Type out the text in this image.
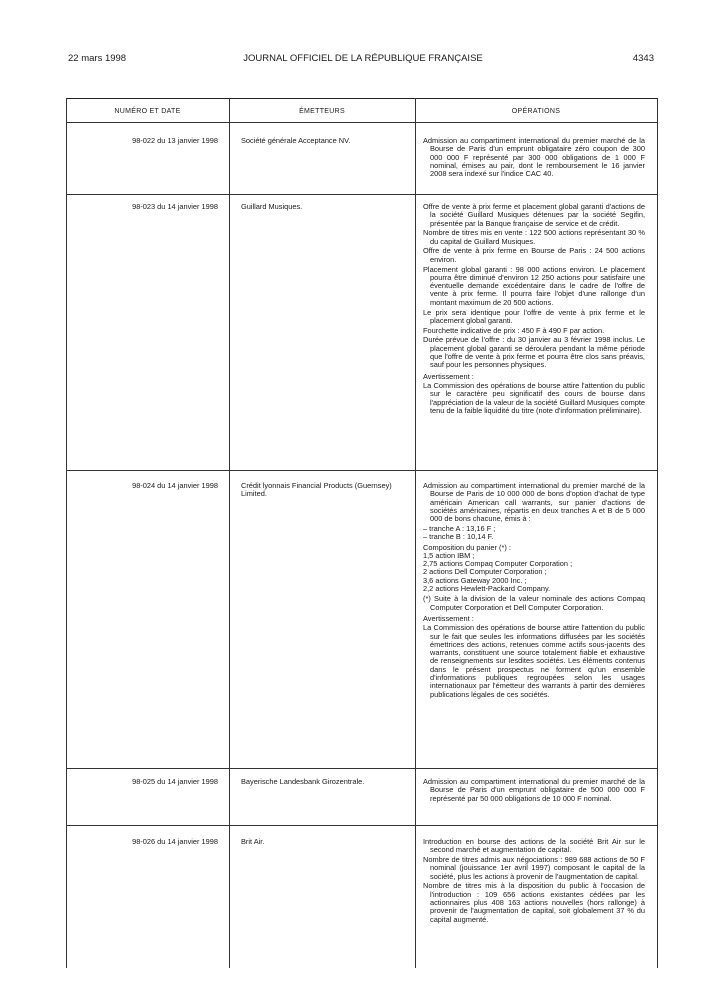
22 mars 1998	JOURNAL OFFICIEL DE LA RÉPUBLIQUE FRANÇAISE	4343
NUMÉRO ET DATE	ÉMETTEURS	OPÉRATIONS
98-022 du 13 janvier 1998	Société générale Acceptance NV.	Admission au compartiment international du premier marché de la Bourse de Paris d'un emprunt obligataire zéro coupon de 300 000 000 F représenté par 300 000 obligations de 1 000 F nominal, émises au pair, dont le remboursement le 16 janvier 2008 sera indexé sur l'indice CAC 40.

98-023 du 14 janvier 1998	Guillard Musiques.	Offre de vente à prix ferme et placement global garanti d'actions de la société Guillard Musiques détenues par la société Segifin, présentée par la Banque française de service et de crédit.

Nombre de titres mis en vente : 122 500 actions représentant 30 % du capital de Guillard Musiques.

Offre de vente à prix ferme en Bourse de Paris : 24 500 actions environ.

Placement global garanti : 98 000 actions environ. Le placement pourra être diminué d'environ 12 250 actions pour satisfaire une éventuelle demande excédentaire dans le cadre de l'offre de vente à prix ferme. Il pourra faire l'objet d'une rallonge d'un montant maximum de 20 500 actions.

Le prix sera identique pour l'offre de vente à prix ferme et le placement global garanti.

Fourchette indicative de prix : 450 F à 490 F par action.

Durée prévue de l'offre : du 30 janvier au 3 février 1998 inclus. Le placement global garanti se déroulera pendant la même période que l'offre de vente à prix ferme et pourra être clos sans préavis, sauf pour les personnes physiques.

Avertissement :

La Commission des opérations de bourse attire l'attention du public sur le caractère peu significatif des cours de bourse dans l'appréciation de la valeur de la société Guillard Musiques compte tenu de la faible liquidité du titre (note d'information préliminaire).

98-024 du 14 janvier 1998	Crédit lyonnais Financial Products (Guernsey) Limited.

Admission au compartiment international du premier marché de la Bourse de Paris de 10 000 000 de bons d'option d'achat de type américain American call warrants, sur panier d'actions de sociétés américaines, répartis en deux tranches A et B de 5 000 000 de bons chacune, émis à :

– tranche A : 13,16 F ;

– tranche B : 10,14 F.

Composition du panier (*) :

1,5 action IBM ;

2,75 actions Compaq Computer Corporation ;

2 actions Dell Computer Corporation ;

3,6 actions Gateway 2000 Inc. ;

2,2 actions Hewlett-Packard Company.

(*) Suite à la division de la valeur nominale des actions Compaq Computer Corporation et Dell Computer Corporation.

Avertissement :

La Commission des opérations de bourse attire l'attention du public sur le fait que seules les informations diffusées par les sociétés émettrices des actions, retenues comme actifs sous-jacents des warrants, constituent une source totalement fiable et exhaustive de renseignements sur lesdites sociétés. Les éléments contenus dans le présent prospectus ne forment qu'un ensemble d'informations publiques regroupées selon les usages internationaux par l'émetteur des warrants à partir des dernières publications légales de ces sociétés.

98-025 du 14 janvier 1998	Bayerische Landesbank Girozentrale.	Admission au compartiment international du premier marché de la Bourse de Paris d'un emprunt obligataire de 500 000 000 F représenté par 50 000 obligations de 10 000 F nominal.

98-026 du 14 janvier 1998	Brit Air.	Introduction en bourse des actions de la société Brit Air sur le second marché et augmentation de capital.

Nombre de titres admis aux négociations : 989 688 actions de 50 F nominal (jouissance 1er avril 1997) composant le capital de la société, plus les actions à provenir de l'augmentation de capital.

Nombre de titres mis à la disposition du public à l'occasion de l'introduction : 109 656 actions existantes cédées par les actionnaires plus 408 163 actions nouvelles (hors rallonge) à provenir de l'augmentation de capital, soit globalement 37 % du capital augmenté.
